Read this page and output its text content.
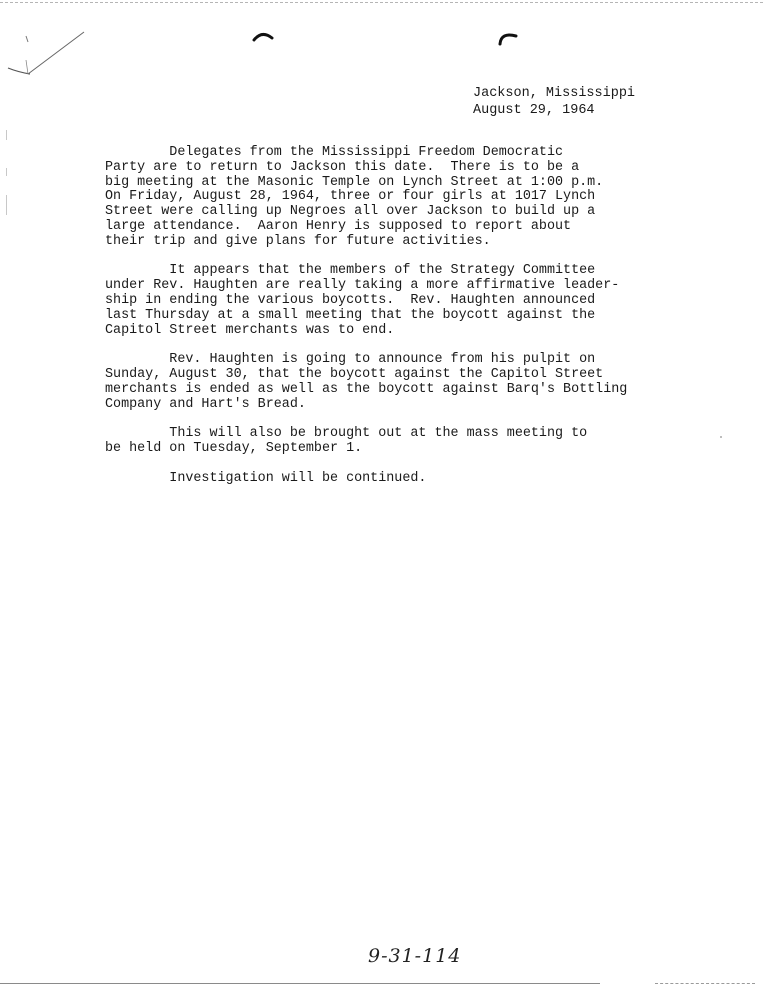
Jackson, Mississippi
August 29, 1964

Delegates from the Mississippi Freedom Democratic
Party are to return to Jackson this date.  There is to be a
big meeting at the Masonic Temple on Lynch Street at 1:00 p.m.
On Friday, August 28, 1964, three or four girls at 1017 Lynch
Street were calling up Negroes all over Jackson to build up a
large attendance.  Aaron Henry is supposed to report about
their trip and give plans for future activities.

It appears that the members of the Strategy Committee
under Rev. Haughten are really taking a more affirmative leader-
ship in ending the various boycotts.  Rev. Haughten announced
last Thursday at a small meeting that the boycott against the
Capitol Street merchants was to end.

Rev. Haughten is going to announce from his pulpit on
Sunday, August 30, that the boycott against the Capitol Street
merchants is ended as well as the boycott against Barq's Bottling
Company and Hart's Bread.

This will also be brought out at the mass meeting to
be held on Tuesday, September 1.

Investigation will be continued.

9-31-114
